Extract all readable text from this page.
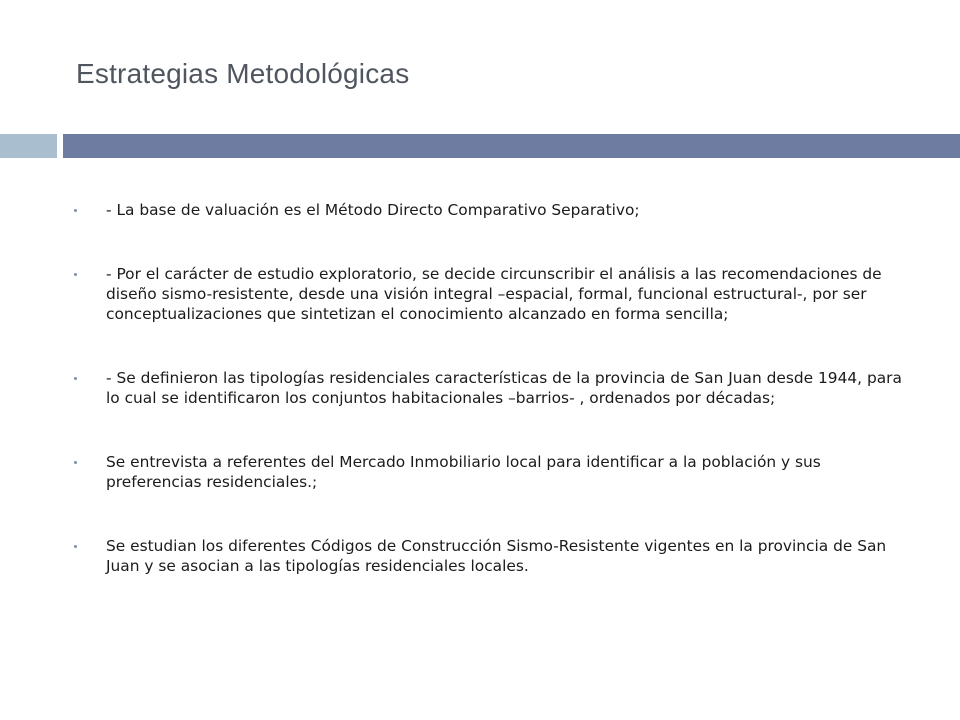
Estrategias Metodológicas
- La base de valuación es el Método Directo Comparativo Separativo;
- Por el carácter de estudio exploratorio, se decide circunscribir el análisis a las recomendaciones de diseño sismo-resistente, desde una visión integral –espacial, formal, funcional estructural-, por ser conceptualizaciones que sintetizan el conocimiento alcanzado en forma sencilla;
- Se definieron las tipologías residenciales características de la provincia de San Juan desde 1944, para lo cual se identificaron los conjuntos habitacionales –barrios- , ordenados por décadas;
Se entrevista a referentes del Mercado Inmobiliario local para identificar a la población y sus preferencias residenciales.;
Se estudian los diferentes Códigos de Construcción Sismo-Resistente vigentes en la provincia de San Juan y se asocian a las tipologías residenciales locales.
